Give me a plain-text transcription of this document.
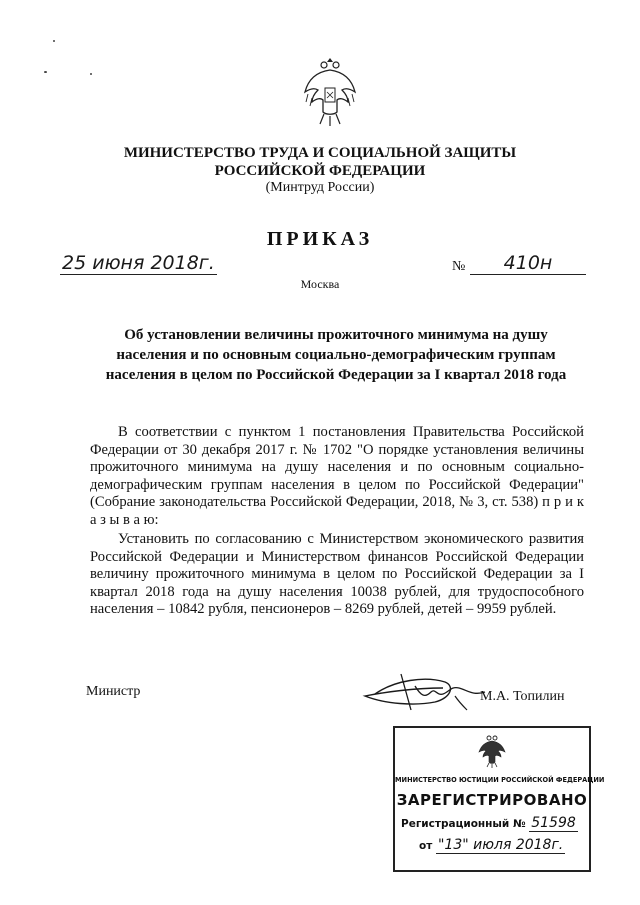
МИНИСТЕРСТВО ТРУДА И СОЦИАЛЬНОЙ ЗАЩИТЫ
РОССИЙСКОЙ ФЕДЕРАЦИИ
(Минтруд России)
ПРИКАЗ
25 июня 2018г.	№	410н
Москва
Об установлении величины прожиточного минимума на душу населения и по основным социально-демографическим группам населения в целом по Российской Федерации за I квартал 2018 года
В соответствии с пунктом 1 постановления Правительства Российской Федерации от 30 декабря 2017 г. № 1702 "О порядке установления величины прожиточного минимума на душу населения и по основным социально-демографическим группам населения в целом по Российской Федерации" (Собрание законодательства Российской Федерации, 2018, № 3, ст. 538) п р и к а з ы в а ю:
Установить по согласованию с Министерством экономического развития Российской Федерации и Министерством финансов Российской Федерации величину прожиточного минимума в целом по Российской Федерации за I квартал 2018 года на душу населения 10038 рублей, для трудоспособного населения – 10842 рубля, пенсионеров – 8269 рублей, детей – 9959 рублей.
Министр	М.А. Топилин
МИНИСТЕРСТВО ЮСТИЦИИ РОССИЙСКОЙ ФЕДЕРАЦИИ
ЗАРЕГИСТРИРОВАНО
Регистрационный № 51598
от "13" июля 2018г.
